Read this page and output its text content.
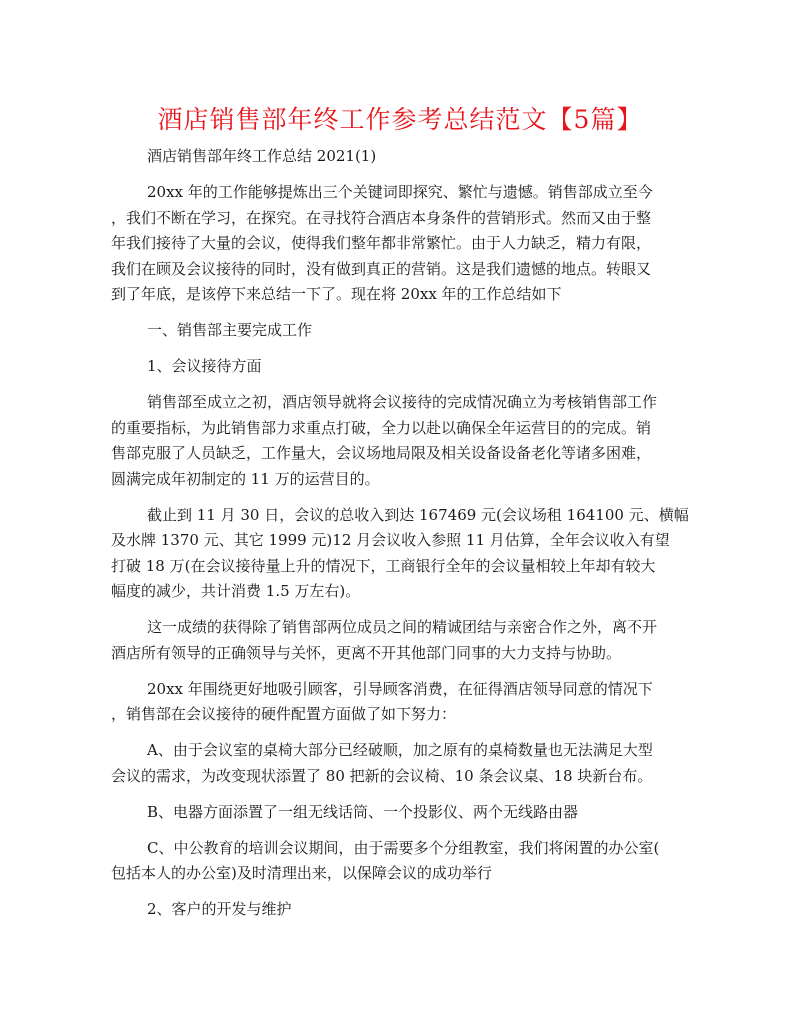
酒店销售部年终工作参考总结范文【5篇】

酒店销售部年终工作总结 2021(1)

20xx 年的工作能够提炼出三个关键词即探究、繁忙与遗憾。销售部成立至今
，我们不断在学习，在探究。在寻找符合酒店本身条件的营销形式。然而又由于整
年我们接待了大量的会议，使得我们整年都非常繁忙。由于人力缺乏，精力有限，
我们在顾及会议接待的同时，没有做到真正的营销。这是我们遗憾的地点。转眼又
到了年底，是该停下来总结一下了。现在将 20xx 年的工作总结如下

一、销售部主要完成工作

1、会议接待方面

销售部至成立之初，酒店领导就将会议接待的完成情况确立为考核销售部工作
的重要指标，为此销售部力求重点打破，全力以赴以确保全年运营目的的完成。销
售部克服了人员缺乏，工作量大，会议场地局限及相关设备设备老化等诸多困难，
圆满完成年初制定的 11 万的运营目的。

截止到 11 月 30 日，会议的总收入到达 167469 元(会议场租 164100 元、横幅
及水牌 1370 元、其它 1999 元)12 月会议收入参照 11 月估算，全年会议收入有望
打破 18 万(在会议接待量上升的情况下，工商银行全年的会议量相较上年却有较大
幅度的减少，共计消费 1.5 万左右)。

这一成绩的获得除了销售部两位成员之间的精诚团结与亲密合作之外，离不开
酒店所有领导的正确领导与关怀，更离不开其他部门同事的大力支持与协助。

20xx 年围绕更好地吸引顾客，引导顾客消费，在征得酒店领导同意的情况下
，销售部在会议接待的硬件配置方面做了如下努力：

A、由于会议室的桌椅大部分已经破顺，加之原有的桌椅数量也无法满足大型
会议的需求，为改变现状添置了 80 把新的会议椅、10 条会议桌、18 块新台布。

B、电器方面添置了一组无线话筒、一个投影仪、两个无线路由器

C、中公教育的培训会议期间，由于需要多个分组教室，我们将闲置的办公室(
包括本人的办公室)及时清理出来，以保障会议的成功举行

2、客户的开发与维护
